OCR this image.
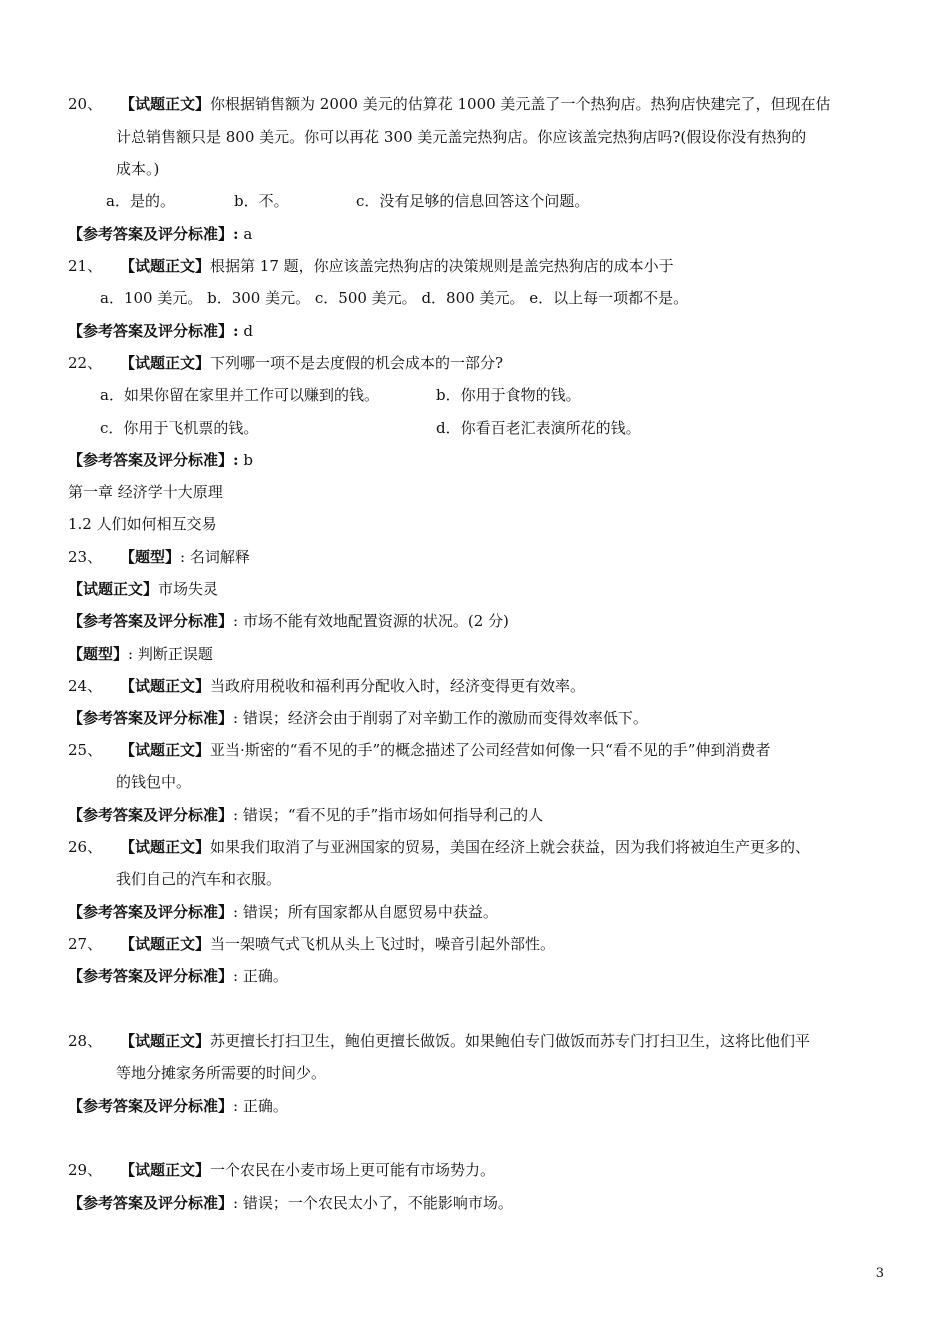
20、 【试题正文】你根据销售额为 2000 美元的估算花 1000 美元盖了一个热狗店。热狗店快建完了，但现在估
计总销售额只是 800 美元。你可以再花 300 美元盖完热狗店。你应该盖完热狗店吗?(假设你没有热狗的
成本。)
a．是的。	b．不。	c．没有足够的信息回答这个问题。
【参考答案及评分标准】: a
21、 【试题正文】根据第 17 题，你应该盖完热狗店的决策规则是盖完热狗店的成本小于
a．100 美元。 b．300 美元。 c．500 美元。 d．800 美元。 e．以上每一项都不是。
【参考答案及评分标准】: d
22、 【试题正文】下列哪一项不是去度假的机会成本的一部分?
a．如果你留在家里并工作可以赚到的钱。	b．你用于食物的钱。
c．你用于飞机票的钱。	d．你看百老汇表演所花的钱。
【参考答案及评分标准】: b
第一章 经济学十大原理
1.2 人们如何相互交易
23、 【题型】: 名词解释
【试题正文】市场失灵
【参考答案及评分标准】: 市场不能有效地配置资源的状况。(2 分)
【题型】: 判断正误题
24、 【试题正文】当政府用税收和福利再分配收入时，经济变得更有效率。
【参考答案及评分标准】: 错误；经济会由于削弱了对辛勤工作的激励而变得效率低下。
25、 【试题正文】亚当·斯密的“看不见的手”的概念描述了公司经营如何像一只“看不见的手”伸到消费者
的钱包中。
【参考答案及评分标准】: 错误；“看不见的手”指市场如何指导利己的人
26、 【试题正文】如果我们取消了与亚洲国家的贸易，美国在经济上就会获益，因为我们将被迫生产更多的、
我们自己的汽车和衣服。
【参考答案及评分标准】: 错误；所有国家都从自愿贸易中获益。
27、 【试题正文】当一架喷气式飞机从头上飞过时，噪音引起外部性。
【参考答案及评分标准】: 正确。
28、 【试题正文】苏更擅长打扫卫生，鲍伯更擅长做饭。如果鲍伯专门做饭而苏专门打扫卫生，这将比他们平
等地分摊家务所需要的时间少。
【参考答案及评分标准】: 正确。
29、 【试题正文】一个农民在小麦市场上更可能有市场势力。
【参考答案及评分标准】: 错误；一个农民太小了，不能影响市场。
3
